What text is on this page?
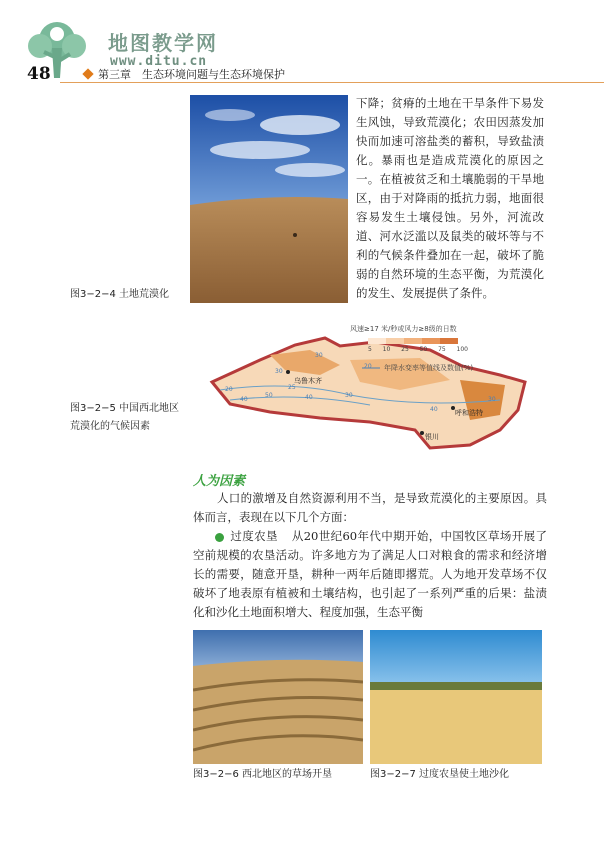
地图教学网
www.ditu.cn
48	第三章　生态环境问题与生态环境保护
图3−2−4 土地荒漠化
下降；贫瘠的土地在干旱条件下易发生风蚀，导致荒漠化；农田因蒸发加快而加速可溶盐类的蓄积，导致盐渍化。暴雨也是造成荒漠化的原因之一。在植被贫乏和土壤脆弱的干旱地区，由于对降雨的抵抗力弱，地面很容易发生土壤侵蚀。另外，河流改道、河水泛滥以及鼠类的破坏等与不利的气候条件叠加在一起，破坏了脆弱的自然环境的生态平衡，为荒漠化的发生、发展提供了条件。
风速≥17 米/秒或风力≥8级的日数
5 10 25 50 75 100
20 年降水变率等值线及数值(%)
乌鲁木齐
呼和浩特
银川
20
30
25
30
40	40
50	30
40
30
图3−2−5 中国西北地区荒漠化的气候因素
人为因素
人口的激增及自然资源利用不当，是导致荒漠化的主要原因。具体而言，表现在以下几个方面：
过度农垦 从20世纪60年代中期开始，中国牧区草场开展了空前规模的农垦活动。许多地方为了满足人口对粮食的需求和经济增长的需要，随意开垦，耕种一两年后随即撂荒。人为地开发草场不仅破坏了地表原有植被和土壤结构，也引起了一系列严重的后果：盐渍化和沙化土地面积增大、程度加强，生态平衡
图3−2−6 西北地区的草场开垦	图3−2−7 过度农垦使土地沙化
